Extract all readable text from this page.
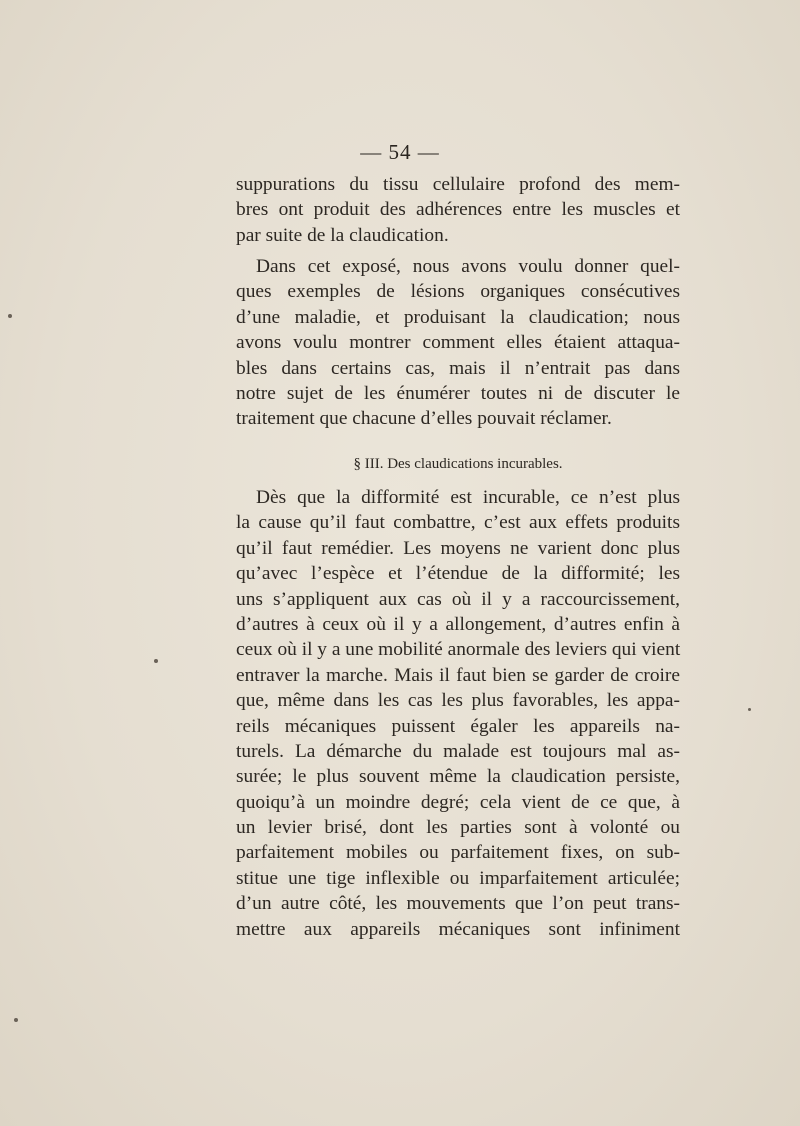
— 54 —
suppurations du tissu cellulaire profond des mem-
bres ont produit des adhérences entre les muscles et
par suite de la claudication.
Dans cet exposé, nous avons voulu donner quel-
ques exemples de lésions organiques consécutives
d’une maladie, et produisant la claudication; nous
avons voulu montrer comment elles étaient attaqua-
bles dans certains cas, mais il n’entrait pas dans
notre sujet de les énumérer toutes ni de discuter le
traitement que chacune d’elles pouvait réclamer.
§ III. Des claudications incurables.
Dès que la difformité est incurable, ce n’est plus
la cause qu’il faut combattre, c’est aux effets produits
qu’il faut remédier. Les moyens ne varient donc plus
qu’avec l’espèce et l’étendue de la difformité; les
uns s’appliquent aux cas où il y a raccourcissement,
d’autres à ceux où il y a allongement, d’autres enfin à
ceux où il y a une mobilité anormale des leviers qui vient
entraver la marche. Mais il faut bien se garder de croire
que, même dans les cas les plus favorables, les appa-
reils mécaniques puissent égaler les appareils na-
turels. La démarche du malade est toujours mal as-
surée; le plus souvent même la claudication persiste,
quoiqu’à un moindre degré; cela vient de ce que, à
un levier brisé, dont les parties sont à volonté ou
parfaitement mobiles ou parfaitement fixes, on sub-
stitue une tige inflexible ou imparfaitement articulée;
d’un autre côté, les mouvements que l’on peut trans-
mettre aux appareils mécaniques sont infiniment
